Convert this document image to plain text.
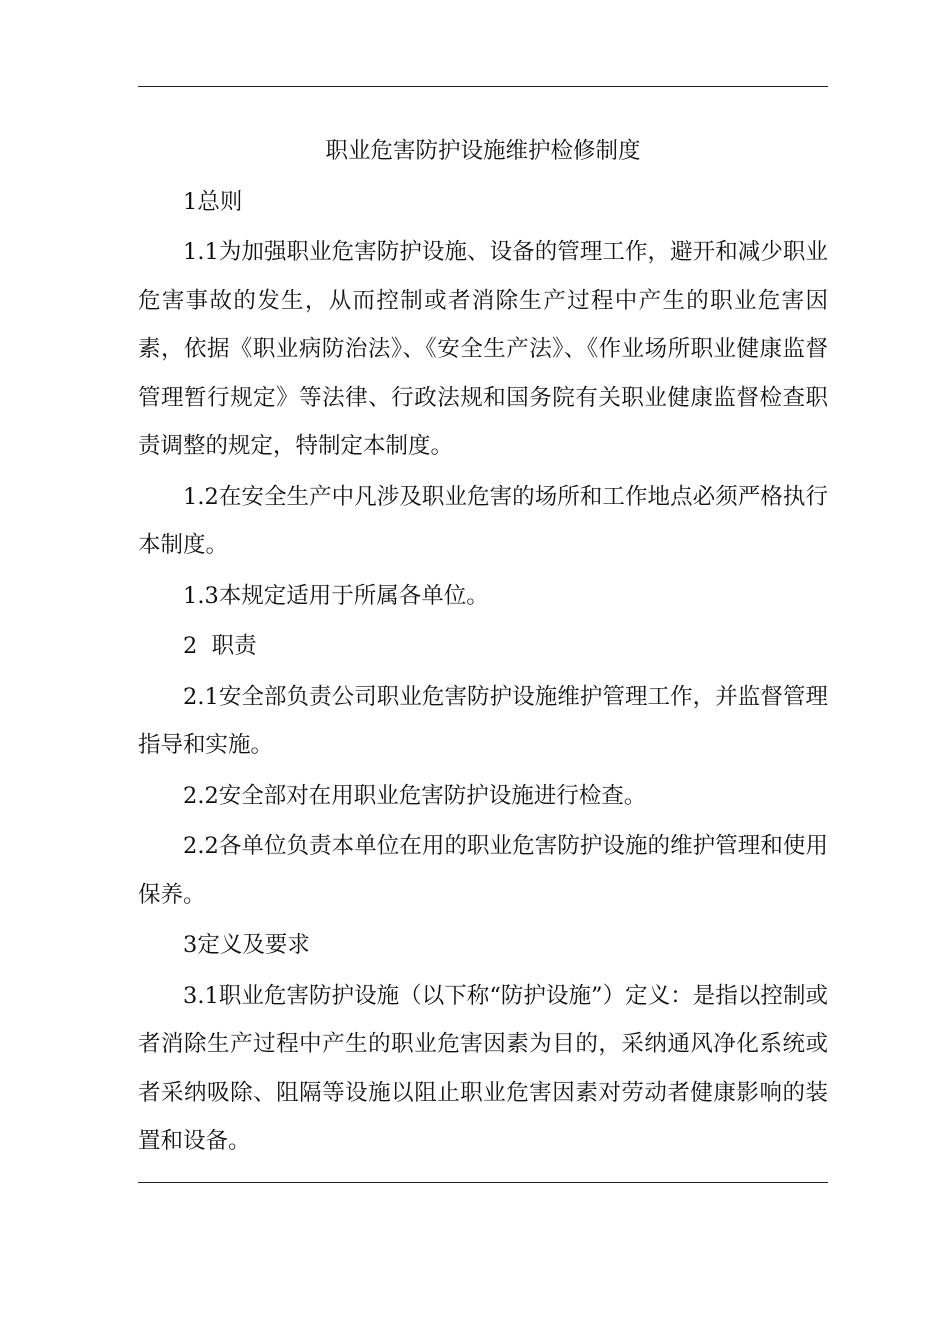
职业危害防护设施维护检修制度

1总则

1.1为加强职业危害防护设施、设备的管理工作，避开和减少职业危害事故的发生，从而控制或者消除生产过程中产生的职业危害因素，依据《职业病防治法》、《安全生产法》、《作业场所职业健康监督管理暂行规定》等法律、行政法规和国务院有关职业健康监督检查职责调整的规定，特制定本制度。

1.2在安全生产中凡涉及职业危害的场所和工作地点必须严格执行本制度。

1.3本规定适用于所属各单位。

2  职责

2.1安全部负责公司职业危害防护设施维护管理工作，并监督管理指导和实施。

2.2安全部对在用职业危害防护设施进行检查。

2.2各单位负责本单位在用的职业危害防护设施的维护管理和使用保养。

3定义及要求

3.1职业危害防护设施（以下称“防护设施”）定义：是指以控制或者消除生产过程中产生的职业危害因素为目的，采纳通风净化系统或者采纳吸除、阻隔等设施以阻止职业危害因素对劳动者健康影响的装置和设备。
